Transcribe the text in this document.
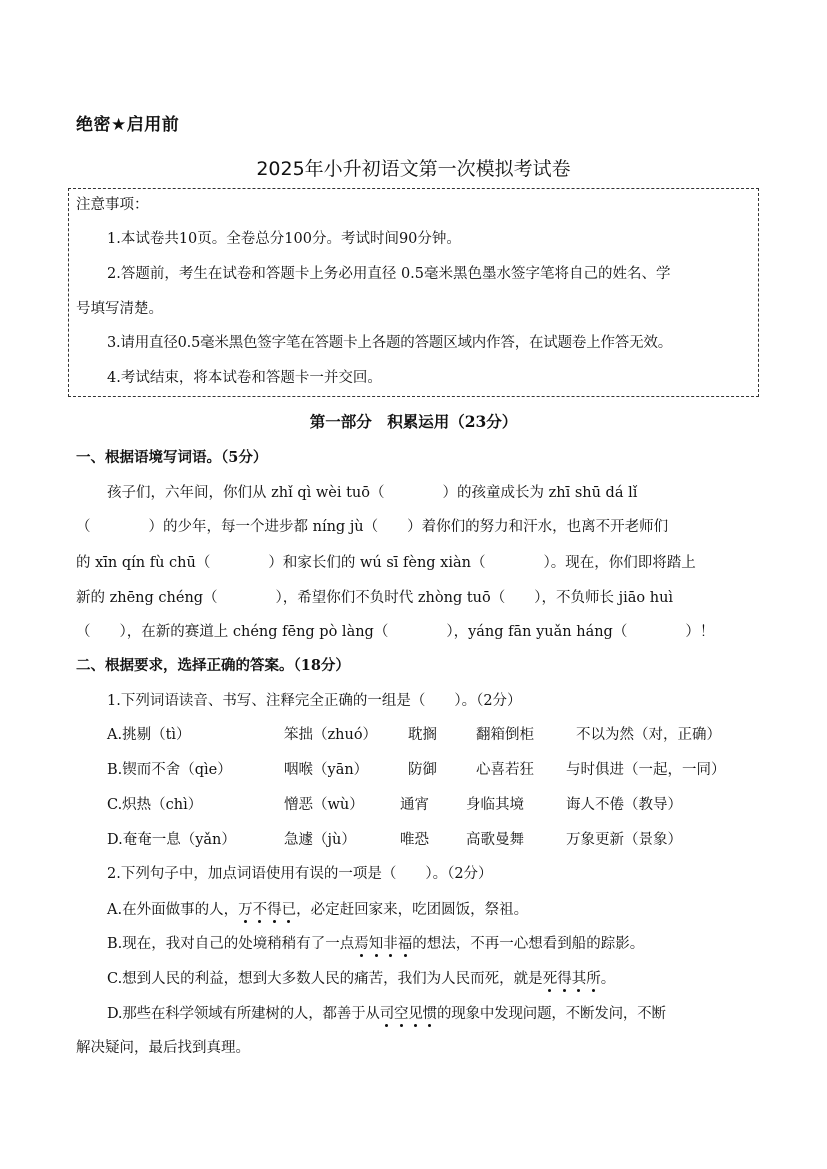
绝密★启用前
2025年小升初语文第一次模拟考试卷
注意事项：
1.本试卷共10页。全卷总分100分。考试时间90分钟。
2.答题前，考生在试卷和答题卡上务必用直径 0.5毫米黑色墨水签字笔将自己的姓名、学
号填写清楚。
3.请用直径0.5毫米黑色签字笔在答题卡上各题的答题区域内作答，在试题卷上作答无效。
4.考试结束，将本试卷和答题卡一并交回。
第一部分　积累运用（23分）
一、根据语境写词语。（5分）
孩子们，六年间，你们从 zhǐ qì wèi tuō（　　　　）的孩童成长为 zhī shū dá lǐ
（　　　　）的少年，每一个进步都 níng jù（　　）着你们的努力和汗水，也离不开老师们
的 xīn qín fù chū（　　　　）和家长们的 wú sī fèng xiàn（　　　　）。现在，你们即将踏上
新的 zhēng chéng（　　　　），希望你们不负时代 zhòng tuō（　　），不负师长 jiāo huì
（　　），在新的赛道上 chéng fēng pò làng（　　　　），yáng fān yuǎn háng（　　　　）！
二、根据要求，选择正确的答案。（18分）
1.下列词语读音、书写、注释完全正确的一组是（　　）。（2分）
A.挑剔（tì）	笨拙（zhuó） 耽搁	翻箱倒柜	不以为然（对，正确）
B.锲而不舍（qìe）	咽喉（yān）	防御	心喜若狂 与时俱进（一起，一同）
C.炽热（chì）	憎恶（wù）	通宵	身临其境	诲人不倦（教导）
D.奄奄一息（yǎn）	急遽（jù）	唯恐	高歌曼舞	万象更新（景象）
2.下列句子中，加点词语使用有误的一项是（　　）。（2分）
A.在外面做事的人，万不得已，必定赶回家来，吃团圆饭，祭祖。
B.现在，我对自己的处境稍稍有了一点焉知非福的想法，不再一心想看到船的踪影。
C.想到人民的利益，想到大多数人民的痛苦，我们为人民而死，就是死得其所。
D.那些在科学领域有所建树的人，都善于从司空见惯的现象中发现问题，不断发问，不断
解决疑问，最后找到真理。
